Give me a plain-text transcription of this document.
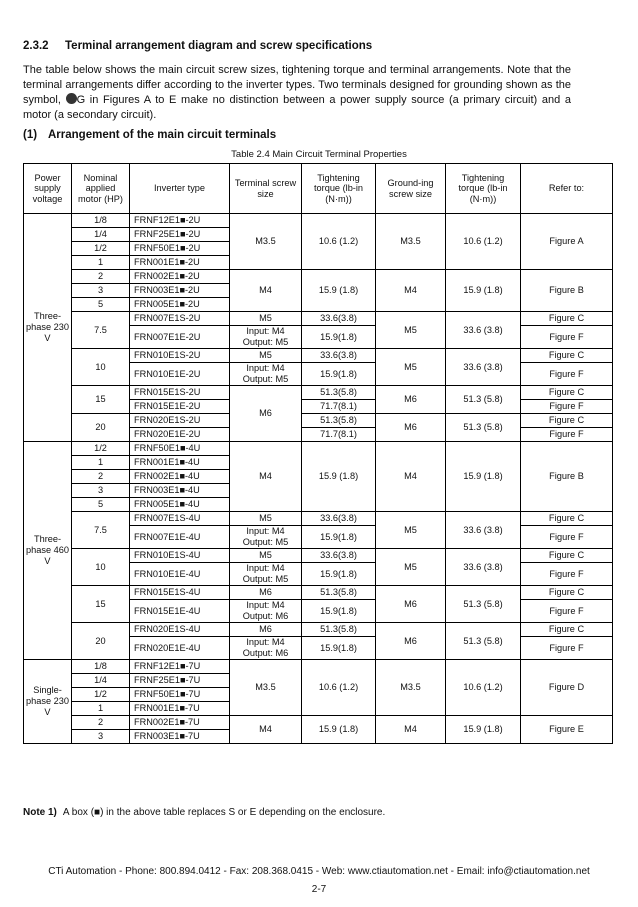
2.3.2 Terminal arrangement diagram and screw specifications
The table below shows the main circuit screw sizes, tightening torque and terminal arrangements. Note that the terminal arrangements differ according to the inverter types. Two terminals designed for grounding shown as the symbol, G in Figures A to E make no distinction between a power supply source (a primary circuit) and a motor (a secondary circuit).
(1) Arrangement of the main circuit terminals
Table 2.4 Main Circuit Terminal Properties
Power supply voltage	Nominal applied motor (HP)	Inverter type	Terminal screw size	Tightening torque (lb-in (N·m))	Ground-ing screw size	Tightening torque (lb-in (N·m))	Refer to:
Three-phase 230 V	1/8	FRNF12E1■-2U	M3.5	10.6 (1.2)	M3.5	10.6 (1.2)	Figure A
	1/4	FRNF25E1■-2U					
	1/2	FRNF50E1■-2U					
	1	FRN001E1■-2U					
	2	FRN002E1■-2U	M4	15.9 (1.8)	M4	15.9 (1.8)	Figure B
	3	FRN003E1■-2U					
	5	FRN005E1■-2U					
	7.5	FRN007E1S-2U	M5	33.6(3.8)	M5	33.6 (3.8)	Figure C
		FRN007E1E-2U	Input: M4 Output: M5	15.9(1.8)			Figure F
	10	FRN010E1S-2U	M5	33.6(3.8)	M5	33.6 (3.8)	Figure C
		FRN010E1E-2U	Input: M4 Output: M5	15.9(1.8)			Figure F
	15	FRN015E1S-2U	M6	51.3(5.8)	M6	51.3 (5.8)	Figure C
		FRN015E1E-2U		71.7(8.1)			Figure F
	20	FRN020E1S-2U		51.3(5.8)	M6	51.3 (5.8)	Figure C
		FRN020E1E-2U		71.7(8.1)			Figure F
Three-phase 460 V	1/2	FRNF50E1■-4U	M4	15.9 (1.8)	M4	15.9 (1.8)	Figure B
	1	FRN001E1■-4U					
	2	FRN002E1■-4U					
	3	FRN003E1■-4U					
	5	FRN005E1■-4U					
	7.5	FRN007E1S-4U	M5	33.6(3.8)	M5	33.6 (3.8)	Figure C
		FRN007E1E-4U	Input: M4 Output: M5	15.9(1.8)			Figure F
	10	FRN010E1S-4U	M5	33.6(3.8)	M5	33.6 (3.8)	Figure C
		FRN010E1E-4U	Input: M4 Output: M5	15.9(1.8)			Figure F
	15	FRN015E1S-4U	M6	51.3(5.8)	M6	51.3 (5.8)	Figure C
		FRN015E1E-4U	Input: M4 Output: M6	15.9(1.8)			Figure F
	20	FRN020E1S-4U	M6	51.3(5.8)	M6	51.3 (5.8)	Figure C
		FRN020E1E-4U	Input: M4 Output: M6	15.9(1.8)			Figure F
Single-phase 230 V	1/8	FRNF12E1■-7U	M3.5	10.6 (1.2)	M3.5	10.6 (1.2)	Figure D
	1/4	FRNF25E1■-7U					
	1/2	FRNF50E1■-7U					
	1	FRN001E1■-7U					
	2	FRN002E1■-7U	M4	15.9 (1.8)	M4	15.9 (1.8)	Figure E
	3	FRN003E1■-7U					
Note 1) A box (■) in the above table replaces S or E depending on the enclosure.
CTi Automation - Phone: 800.894.0412 - Fax: 208.368.0415 - Web: www.ctiautomation.net - Email: info@ctiautomation.net
2-7
